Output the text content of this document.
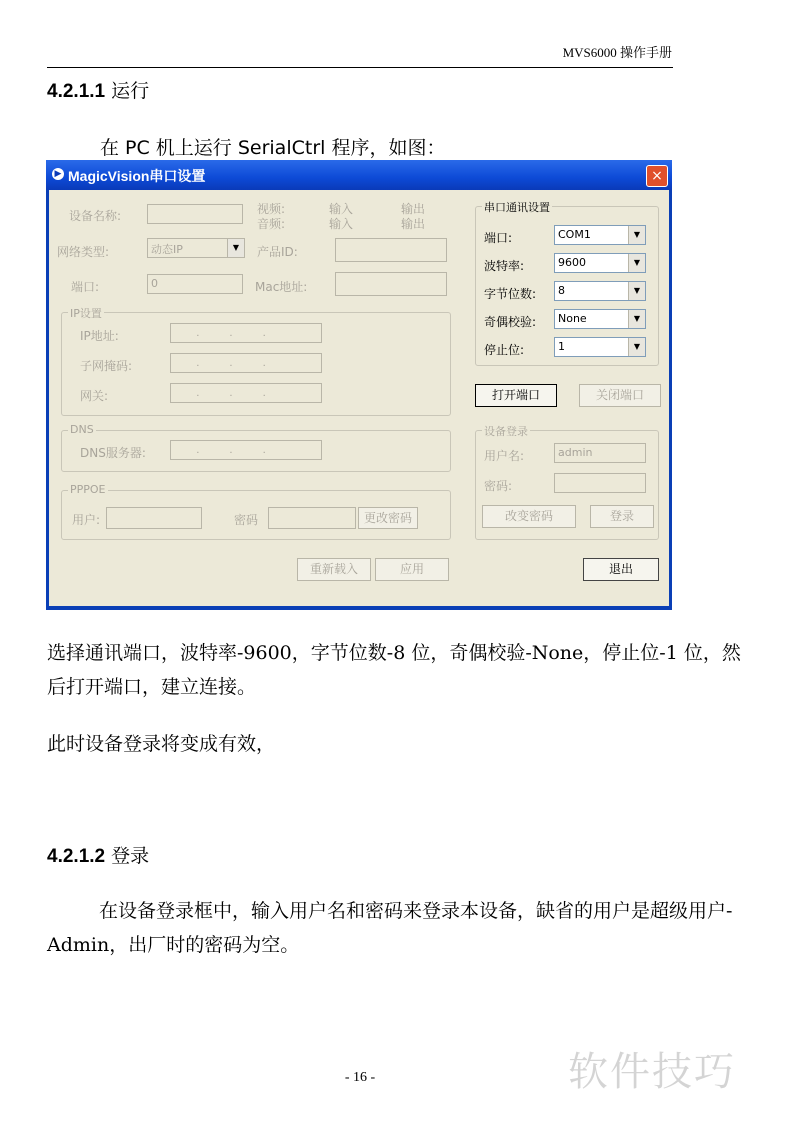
MVS6000 操作手册
4.2.1.1 运行
在 PC 机上运行 SerialCtrl 程序，如图：
▶ MagicVision串口设置	×
设备名称:	视频:
音频:
输入
输入
输出
输出
网络类型:	动态IP	▼	产品ID:
端口:	0	Mac地址:
IP设置
IP地址:	...
子网掩码:	...
网关:	...
DNS
DNS服务器:	...
PPPOE
用户:	密码	更改密码
重新载入	应用
串口通讯设置
端口:	COM1	▼
波特率:	9600	▼
字节位数:	8	▼
奇偶校验:	None	▼
停止位:	1	▼
打开端口	关闭端口
设备登录
用户名:	admin
密码:
改变密码	登录
退出
选择通讯端口，波特率-9600，字节位数-8 位，奇偶校验-None，停止位-1 位，然后打开端口，建立连接。
此时设备登录将变成有效，
4.2.1.2 登录
在设备登录框中，输入用户名和密码来登录本设备，缺省的用户是超级用户- Admin，出厂时的密码为空。
软件技巧
- 16 -
